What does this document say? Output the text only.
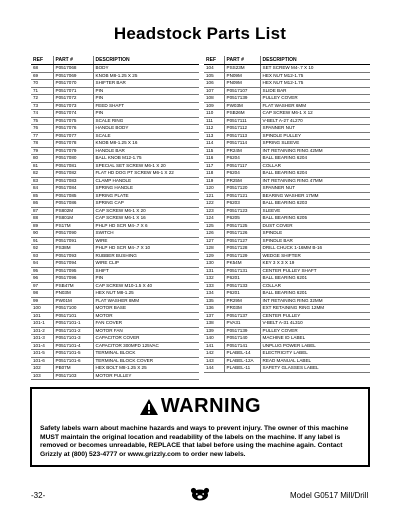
Headstock Parts List
REF	PART #	DESCRIPTION
68	P0517068	BODY
69	P0517069	KNOB M8-1.25 X 25
70	P0517070	SHIFTER BAR
71	P0517071	PIN
72	P0517072	PIN
73	P0517073	FEED SHAFT
74	P0517074	PIN
75	P0517075	SCALE RING
76	P0517076	HANDLE BODY
77	P0517077	SCALE
78	P0517078	KNOB M8-1.25 X 16
79	P0517079	HANDLE BAR
80	P0517080	BALL KNOB M12-1.75
81	P0517081	SPECIAL SET SCREW M6-1 X 20
82	P0517082	FLAT HD DOG PT SCREW M6-1 X 22
83	P0517083	CLAMP HANDLE
84	P0517084	SPRING HANDLE
85	P0517085	SPRING PLATE
86	P0517086	SPRING CAP
87	PS802M	CAP SCREW M6-1 X 20
88	PS801M	CAP SCREW M6-1 X 16
89	PS17M	PHLP HD SCR M4-.7 X 6
90	P0517090	SWITCH
91	P0517091	WIRE
92	PS38M	PHLP HD SCR M4-.7 X 10
93	P0517093	RUBBER BUSHING
94	P0517094	WIRE CLIP
95	P0517095	SHIFT
96	P0517096	PIN
97	PSB47M	CAP SCREW M10-1.5 X 40
98	PN03M	HEX NUT M8-1.25
99	PW01M	FLAT WASHER 8MM
100	P0517100	MOTOR BASE
101	P0517101	MOTOR
101-1	P0517101-1	FAN COVER
101-2	P0517101-2	MOTOR FAN
101-3	P0517101-3	CAPACITOR COVER
101-4	P0517101-4	CAPACITOR 300MFD 125VAC
101-5	P0517101-5	TERMINAL BLOCK
101-6	P0517101-6	TERMINAL BLOCK COVER
102	PB07M	HEX BOLT M8-1.25 X 25
103	P0517103	MOTOR PULLEY
REF	PART #	DESCRIPTION
104	PSS23M	SET SCREW M4-.7 X 10
105	PN09M	HEX NUT M12-1.75
106	PN09M	HEX NUT M12-1.75
107	P0517107	SLIDE BAR
108	P0517139	PULLEY COVER
109	PW03M	FLAT WASHER 6MM
110	PSB26M	CAP SCREW M6-1 X 12
111	P0517111	V-BELT A-27 4L270
112	P0517112	SPANNER NUT
113	P0517113	SPINDLE PULLEY
114	P0517114	SPRING SLEEVE
115	PR24M	INT RETAINING RING 42MM
116	P6204	BALL BEARING 6204
117	P0517117	COLLAR
118	P6204	BALL BEARING 6204
119	PR25M	INT RETAINING RING 47MM
120	P0517120	SPANNER NUT
121	P0517121	BEARING WASHER 17MM
122	P6203	BALL BEARING 6203
123	P0517123	SLEEVE
124	P6205	BALL BEARING 6205
125	P0517125	DUST COVER
126	P0517126	SPINDLE
127	P0517127	SPINDLE BAR
128	P0517128	DRILL CHUCK 1-16MM B-16
129	P0517129	WEDGE SHIFTER
130	PK54M	KEY 3 X 3 X 19
131	P0517131	CENTER PULLEY SHAFT
132	P6201	BALL BEARING 6201
133	P0517133	COLLAR
134	P6201	BALL BEARING 6201
135	PR29M	INT RETAINING RING 32MM
136	PR03M	EXT RETAINING RING 12MM
137	P0517137	CENTER PULLEY
138	PVA31	V-BELT A-31 4L310
139	P0517139	PULLEY COVER
140	P0517140	MACHINE ID LABEL
141	P0517141	UNPLUG POWER LABEL
142	PLABEL-14	ELECTRICITY LABEL
143	PLABEL-12A	READ MANUAL LABEL
144	PLABEL-11	SAFETY GLASSES LABEL
WARNING

Safety labels warn about machine hazards and ways to prevent injury. The owner of this machine MUST maintain the original location and readability of the labels on the machine. If any label is removed or becomes unreadable, REPLACE that label before using the machine again. Contact Grizzly at (800) 523-4777 or www.grizzly.com to order new labels.

-32-	Model G0517 Mill/Drill
